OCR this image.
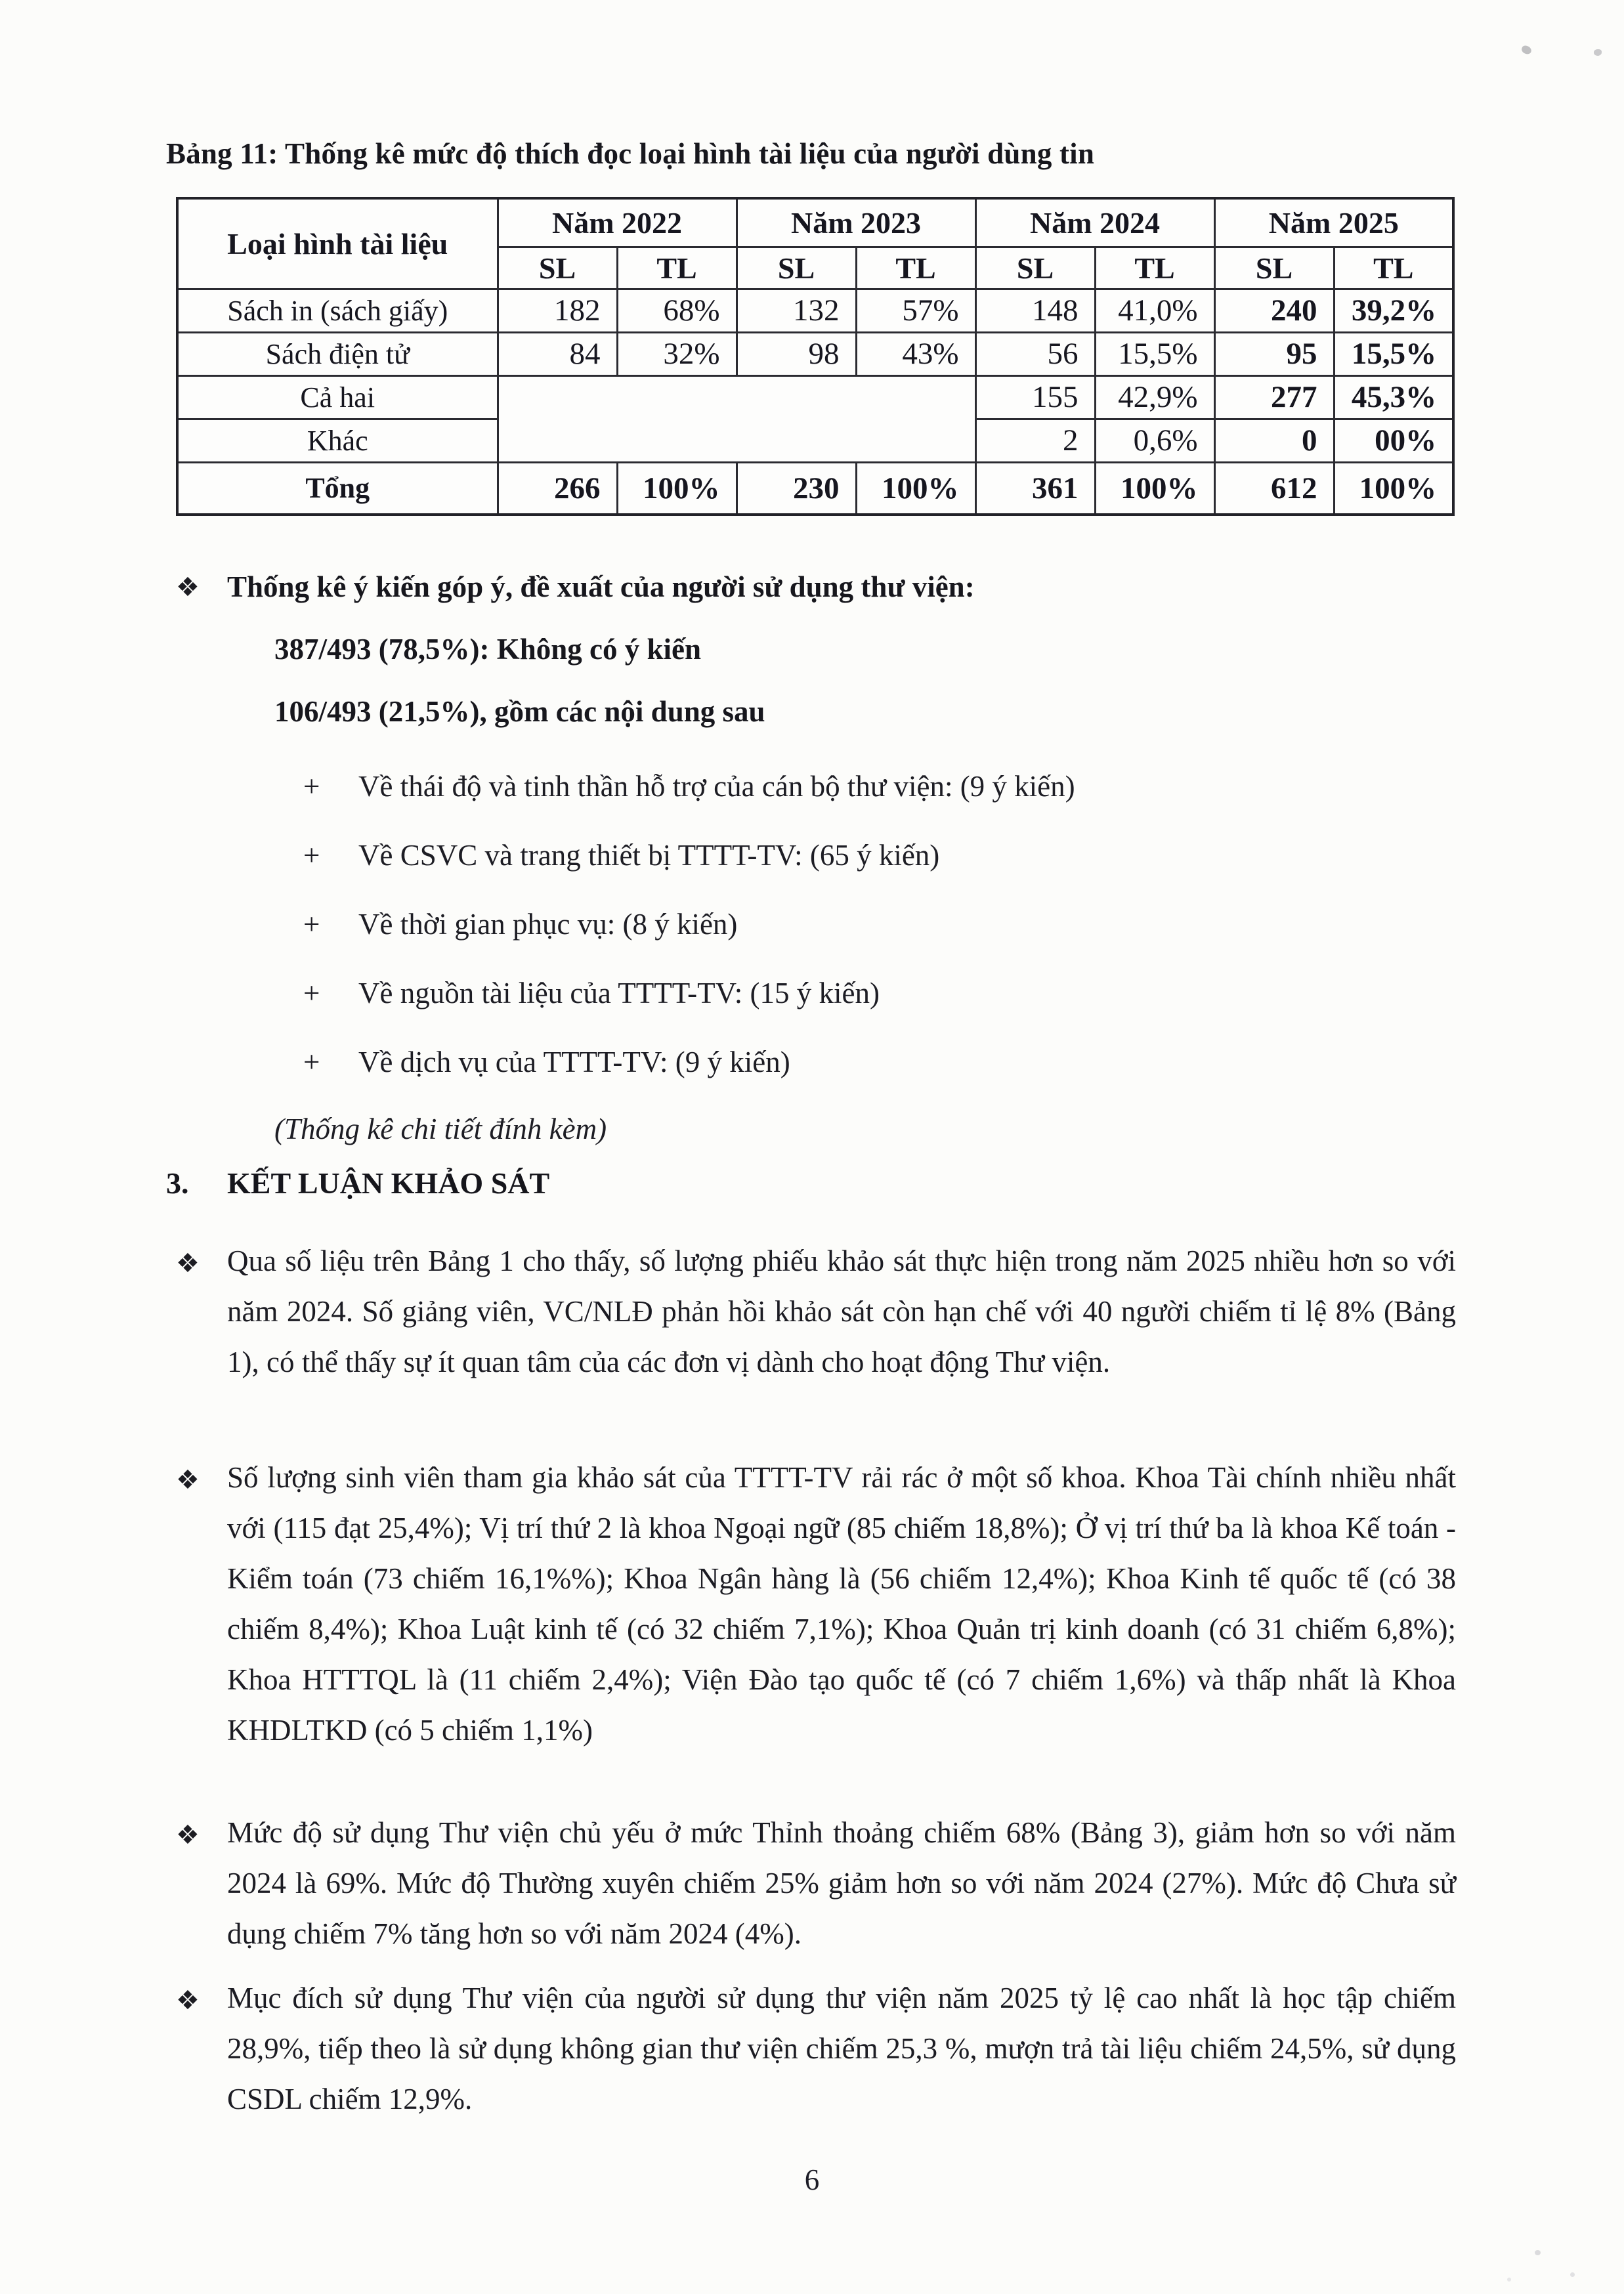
Bảng 11: Thống kê mức độ thích đọc loại hình tài liệu của người dùng tin
Loại hình tài liệu	Năm 2022		Năm 2023		Năm 2024		Năm 2025	
	SL	TL	SL	TL	SL	TL	SL	TL
Sách in (sách giấy)	182	68%	132	57%	148	41,0%	240	39,2%
Sách điện tử	84	32%	98	43%	56	15,5%	95	15,5%
Cả hai					155	42,9%	277	45,3%
Khác					2	0,6%	0	00%
Tổng	266	100%	230	100%	361	100%	612	100%
❖ Thống kê ý kiến góp ý, đề xuất của người sử dụng thư viện:
387/493 (78,5%): Không có ý kiến
106/493 (21,5%), gồm các nội dung sau
+ Về thái độ và tinh thần hỗ trợ của cán bộ thư viện: (9 ý kiến)
+ Về CSVC và trang thiết bị TTTT-TV: (65 ý kiến)
+ Về thời gian phục vụ: (8 ý kiến)
+ Về nguồn tài liệu của TTTT-TV: (15 ý kiến)
+ Về dịch vụ của TTTT-TV: (9 ý kiến)
(Thống kê chi tiết đính kèm)
3.	KẾT LUẬN KHẢO SÁT
❖ Qua số liệu trên Bảng 1 cho thấy, số lượng phiếu khảo sát thực hiện trong năm 2025 nhiều hơn so với năm 2024. Số giảng viên, VC/NLĐ phản hồi khảo sát còn hạn chế với 40 người chiếm tỉ lệ 8% (Bảng 1), có thể thấy sự ít quan tâm của các đơn vị dành cho hoạt động Thư viện.
❖ Số lượng sinh viên tham gia khảo sát của TTTT-TV rải rác ở một số khoa. Khoa Tài chính nhiều nhất với (115 đạt 25,4%); Vị trí thứ 2 là khoa Ngoại ngữ (85 chiếm 18,8%); Ở vị trí thứ ba là khoa Kế toán - Kiểm toán (73 chiếm 16,1%%); Khoa Ngân hàng là (56 chiếm 12,4%); Khoa Kinh tế quốc tế (có 38 chiếm 8,4%); Khoa Luật kinh tế (có 32 chiếm 7,1%); Khoa Quản trị kinh doanh (có 31 chiếm 6,8%); Khoa HTTTQL là (11 chiếm 2,4%); Viện Đào tạo quốc tế (có 7 chiếm 1,6%) và thấp nhất là Khoa KHDLTKD (có 5 chiếm 1,1%)
❖ Mức độ sử dụng Thư viện chủ yếu ở mức Thỉnh thoảng chiếm 68% (Bảng 3), giảm hơn so với năm 2024 là 69%. Mức độ Thường xuyên chiếm 25% giảm hơn so với năm 2024 (27%). Mức độ Chưa sử dụng chiếm 7% tăng hơn so với năm 2024 (4%).
❖ Mục đích sử dụng Thư viện của người sử dụng thư viện năm 2025 tỷ lệ cao nhất là học tập chiếm 28,9%, tiếp theo là sử dụng không gian thư viện chiếm 25,3 %, mượn trả tài liệu chiếm 24,5%, sử dụng CSDL chiếm 12,9%.
6
